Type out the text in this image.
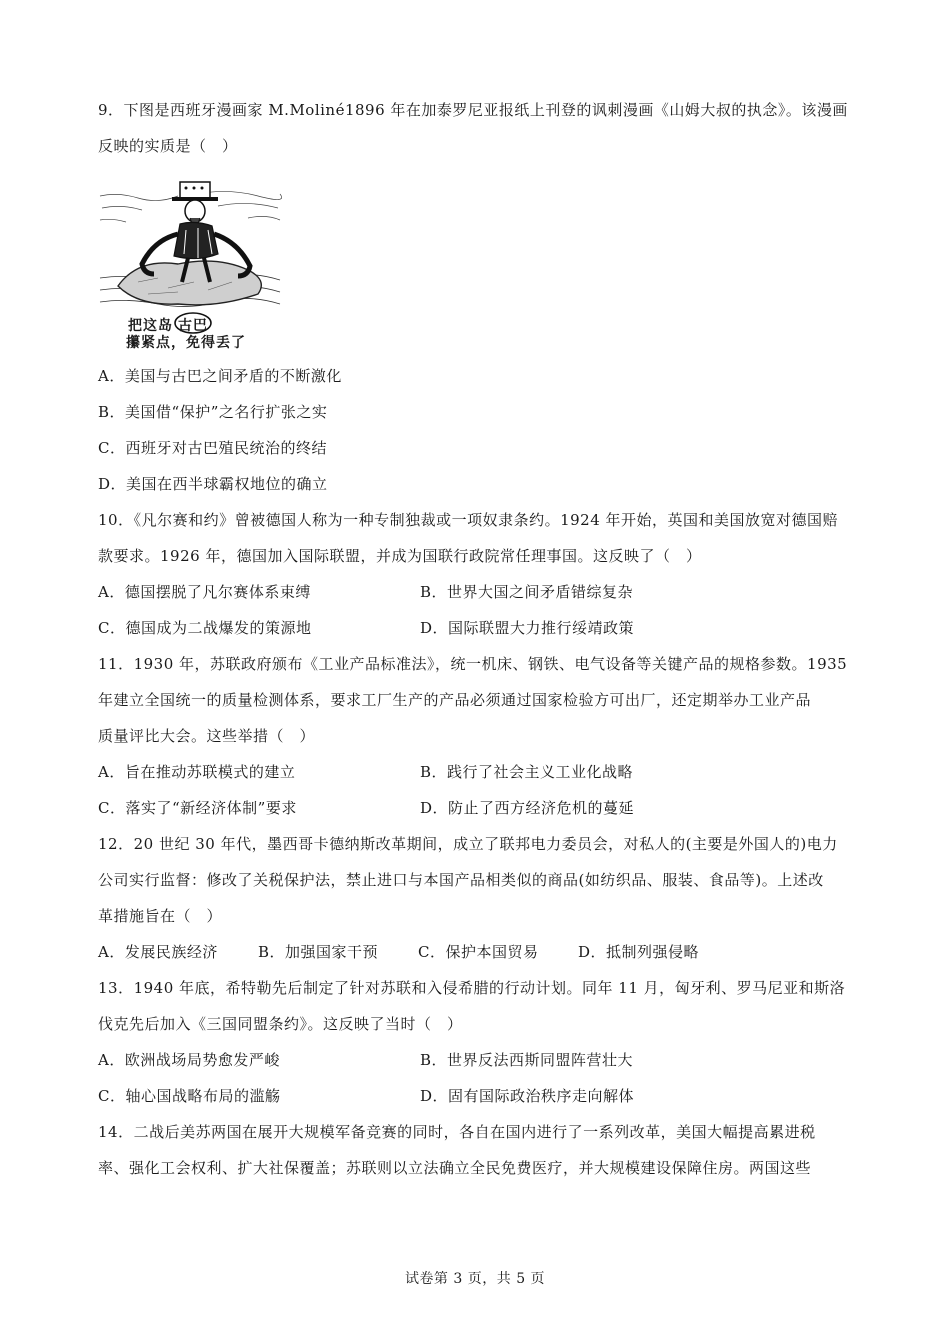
9．下图是西班牙漫画家 M.Moliné1896 年在加泰罗尼亚报纸上刊登的讽刺漫画《山姆大叔的执念》。该漫画
反映的实质是（　）
把这岛 古巴
攥紧点，免得丢了
A．美国与古巴之间矛盾的不断激化
B．美国借“保护”之名行扩张之实
C．西班牙对古巴殖民统治的终结
D．美国在西半球霸权地位的确立
10．《凡尔赛和约》曾被德国人称为一种专制独裁或一项奴隶条约。1924 年开始，英国和美国放宽对德国赔
款要求。1926 年，德国加入国际联盟，并成为国联行政院常任理事国。这反映了（　）
A．德国摆脱了凡尔赛体系束缚	B．世界大国之间矛盾错综复杂
C．德国成为二战爆发的策源地	D．国际联盟大力推行绥靖政策
11．1930 年，苏联政府颁布《工业产品标准法》，统一机床、钢铁、电气设备等关键产品的规格参数。1935
年建立全国统一的质量检测体系，要求工厂生产的产品必须通过国家检验方可出厂，还定期举办工业产品
质量评比大会。这些举措（　）
A．旨在推动苏联模式的建立	B．践行了社会主义工业化战略
C．落实了“新经济体制”要求	D．防止了西方经济危机的蔓延
12．20 世纪 30 年代，墨西哥卡德纳斯改革期间，成立了联邦电力委员会，对私人的(主要是外国人的)电力
公司实行监督：修改了关税保护法，禁止进口与本国产品相类似的商品(如纺织品、服装、食品等)。上述改
革措施旨在（　）
A．发展民族经济	B．加强国家干预	C．保护本国贸易	D．抵制列强侵略
13．1940 年底，希特勒先后制定了针对苏联和入侵希腊的行动计划。同年 11 月，匈牙利、罗马尼亚和斯洛
伐克先后加入《三国同盟条约》。这反映了当时（　）
A．欧洲战场局势愈发严峻	B．世界反法西斯同盟阵营壮大
C．轴心国战略布局的滥觞	D．固有国际政治秩序走向解体
14．二战后美苏两国在展开大规模军备竞赛的同时，各自在国内进行了一系列改革，美国大幅提高累进税
率、强化工会权利、扩大社保覆盖；苏联则以立法确立全民免费医疗，并大规模建设保障住房。两国这些
试卷第 3 页，共 5 页
